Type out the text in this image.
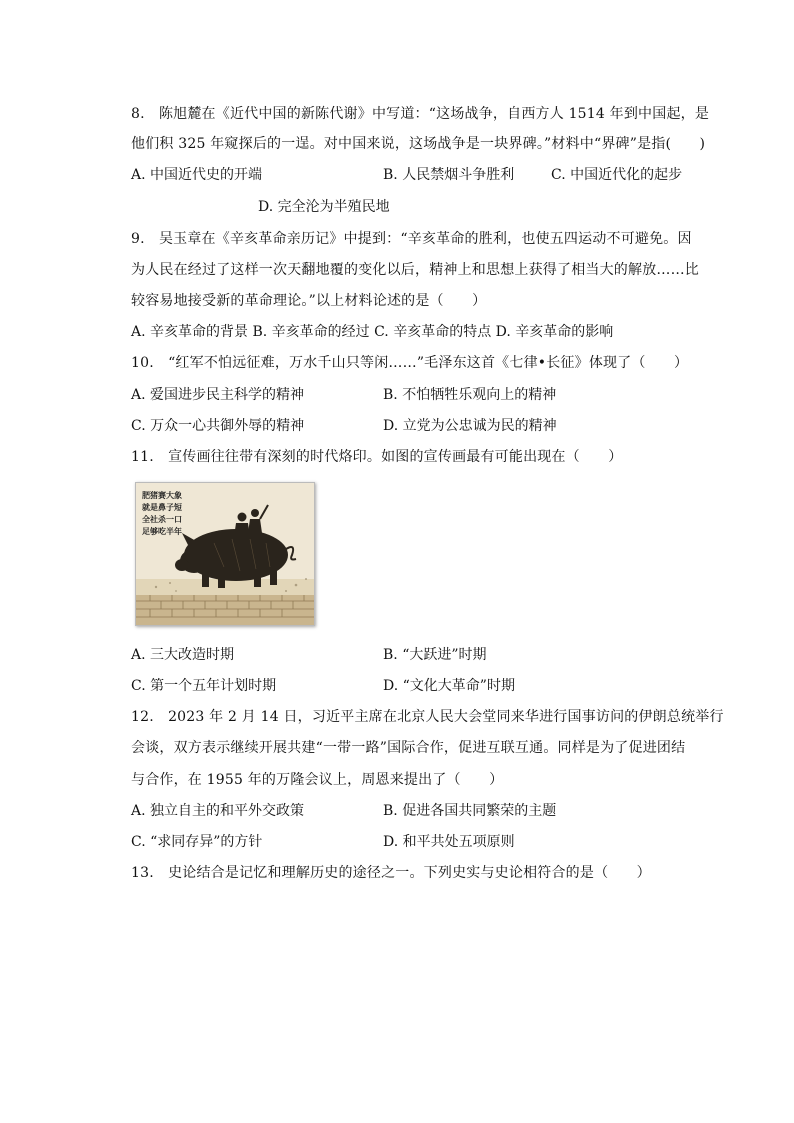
8.　陈旭麓在《近代中国的新陈代谢》中写道：“这场战争，自西方人 1514 年到中国起，是
他们积 325 年窥探后的一逞。对中国来说，这场战争是一块界碑。”材料中“界碑”是指(　　)
A. 中国近代史的开端	B. 人民禁烟斗争胜利	C. 中国近代化的起步
D. 完全沦为半殖民地
9.　吴玉章在《辛亥革命亲历记》中提到：“辛亥革命的胜利，也使五四运动不可避免。因
为人民在经过了这样一次天翻地覆的变化以后，精神上和思想上获得了相当大的解放……比
较容易地接受新的革命理论。”以上材料论述的是（　　）
A. 辛亥革命的背景 B. 辛亥革命的经过 C. 辛亥革命的特点 D. 辛亥革命的影响
10.　“红军不怕远征难，万水千山只等闲……”毛泽东这首《七律•长征》体现了（　　）
A. 爱国进步民主科学的精神	B. 不怕牺牲乐观向上的精神
C. 万众一心共御外辱的精神	D. 立党为公忠诚为民的精神
11.　宣传画往往带有深刻的时代烙印。如图的宣传画最有可能出现在（　　）
肥猪赛大象
就是鼻子短
全社杀一口
足够吃半年
A. 三大改造时期	B. “大跃进”时期
C. 第一个五年计划时期	D. “文化大革命”时期
12.　2023 年 2 月 14 日，习近平主席在北京人民大会堂同来华进行国事访问的伊朗总统举行
会谈，双方表示继续开展共建“一带一路”国际合作，促进互联互通。同样是为了促进团结
与合作，在 1955 年的万隆会议上，周恩来提出了（　　）
A. 独立自主的和平外交政策	B. 促进各国共同繁荣的主题
C. “求同存异”的方针	D. 和平共处五项原则
13.　史论结合是记忆和理解历史的途径之一。下列史实与史论相符合的是（　　）
